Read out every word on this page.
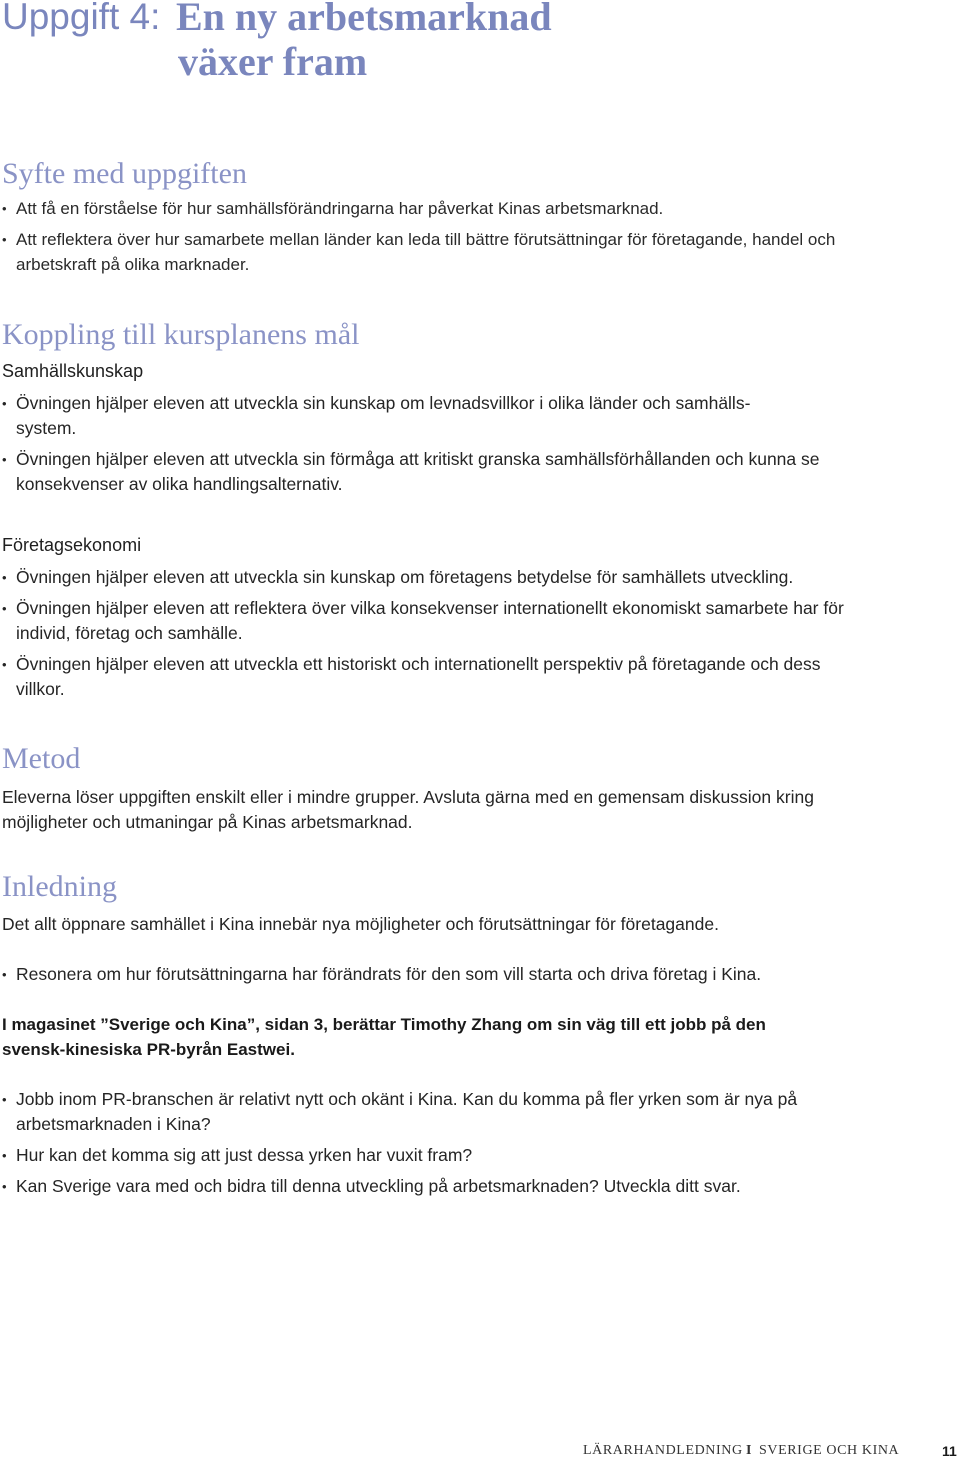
Uppgift 4: En ny arbetsmarknad
växer fram
Syfte med uppgiften
• Att få en förståelse för hur samhällsförändringarna har påverkat Kinas arbetsmarknad.
• Att reflektera över hur samarbete mellan länder kan leda till bättre förutsättningar för företagande, handel och arbetskraft på olika marknader.
Koppling till kursplanens mål
Samhällskunskap
• Övningen hjälper eleven att utveckla sin kunskap om levnadsvillkor i olika länder och samhälls-system.
• Övningen hjälper eleven att utveckla sin förmåga att kritiskt granska samhällsförhållanden och kunna se konsekvenser av olika handlingsalternativ.
Företagsekonomi
• Övningen hjälper eleven att utveckla sin kunskap om företagens betydelse för samhällets utveckling.
• Övningen hjälper eleven att reflektera över vilka konsekvenser internationellt ekonomiskt samarbete har för individ, företag och samhälle.
• Övningen hjälper eleven att utveckla ett historiskt och internationellt perspektiv på företagande och dess villkor.
Metod

Eleverna löser uppgiften enskilt eller i mindre grupper. Avsluta gärna med en gemensam diskussion kring möjligheter och utmaningar på Kinas arbetsmarknad.

Inledning

Det allt öppnare samhället i Kina innebär nya möjligheter och förutsättningar för företagande.

• Resonera om hur förutsättningarna har förändrats för den som vill starta och driva företag i Kina.

I magasinet ”Sverige och Kina”, sidan 3, berättar Timothy Zhang om sin väg till ett jobb på den svensk-kinesiska PR-byrån Eastwei.

• Jobb inom PR-branschen är relativt nytt och okänt i Kina. Kan du komma på fler yrken som är nya på arbetsmarknaden i Kina?
• Hur kan det komma sig att just dessa yrken har vuxit fram?
• Kan Sverige vara med och bidra till denna utveckling på arbetsmarknaden? Utveckla ditt svar.
LÄRARHANDLEDNING I SVERIGE OCH KINA	11
